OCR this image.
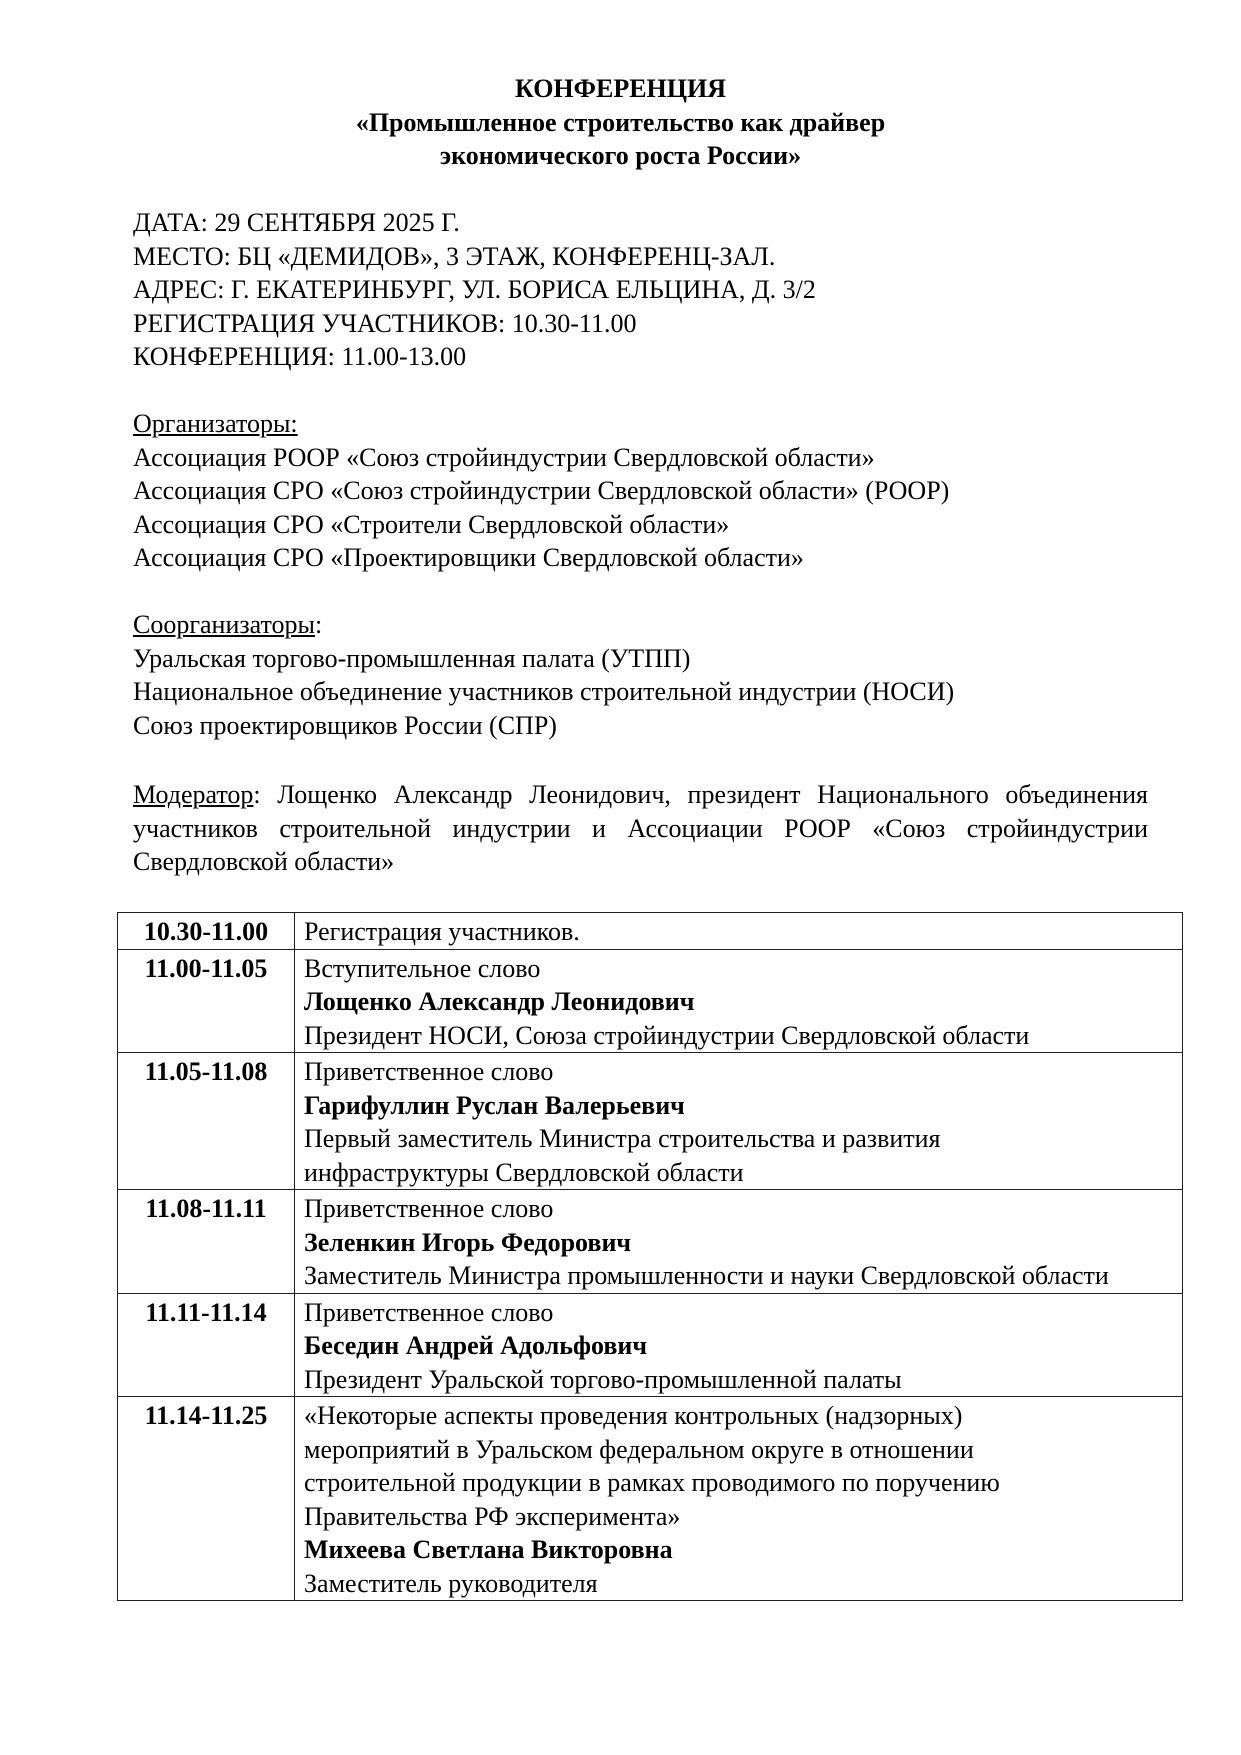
КОНФЕРЕНЦИЯ
«Промышленное строительство как драйвер
экономического роста России»
ДАТА: 29 СЕНТЯБРЯ 2025 Г.
МЕСТО: БЦ «ДЕМИДОВ», 3 ЭТАЖ, КОНФЕРЕНЦ-ЗАЛ.
АДРЕС: Г. ЕКАТЕРИНБУРГ, УЛ. БОРИСА ЕЛЬЦИНА, Д. 3/2
РЕГИСТРАЦИЯ УЧАСТНИКОВ: 10.30-11.00
КОНФЕРЕНЦИЯ: 11.00-13.00
Организаторы:
Ассоциация РООР «Союз стройиндустрии Свердловской области»
Ассоциация СРО «Союз стройиндустрии Свердловской области» (РООР)
Ассоциация СРО «Строители Свердловской области»
Ассоциация СРО «Проектировщики Свердловской области»
Соорганизаторы:
Уральская торгово-промышленная палата (УТПП)
Национальное объединение участников строительной индустрии (НОСИ)
Союз проектировщиков России (СПР)
Модератор: Лощенко Александр Леонидович, президент Национального объединения участников строительной индустрии и Ассоциации РООР «Союз стройиндустрии Свердловской области»
10.30-11.00	Регистрация участников.

11.00-11.05	Вступительное слово
Лощенко Александр Леонидович
Президент НОСИ, Союза стройиндустрии Свердловской области

11.05-11.08	Приветственное слово
Гарифуллин Руслан Валерьевич
Первый заместитель Министра строительства и развития инфраструктуры Свердловской области

11.08-11.11	Приветственное слово
Зеленкин Игорь Федорович
Заместитель Министра промышленности и науки Свердловской области

11.11-11.14	Приветственное слово
Беседин Андрей Адольфович
Президент Уральской торгово-промышленной палаты

11.14-11.25	«Некоторые аспекты проведения контрольных (надзорных) мероприятий в Уральском федеральном округе в отношении строительной продукции в рамках проводимого по поручению Правительства РФ эксперимента»
Михеева Светлана Викторовна
Заместитель руководителя
